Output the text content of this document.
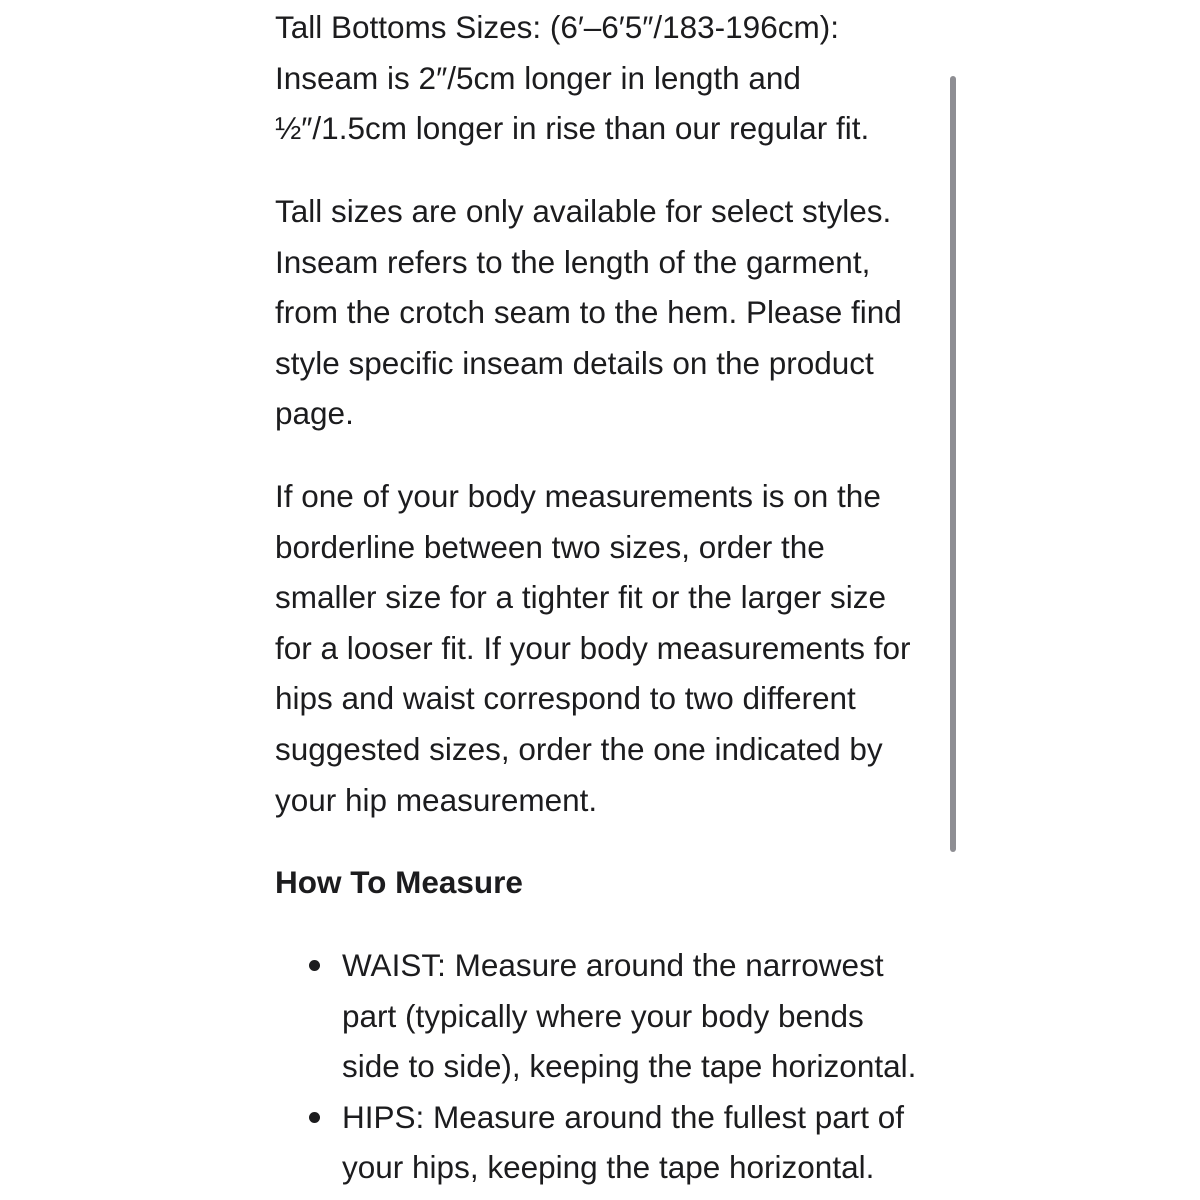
Tall Bottoms Sizes: (6′–6′5″/183-196cm):
Inseam is 2″/5cm longer in length and
½″/1.5cm longer in rise than our regular fit.

Tall sizes are only available for select styles.
Inseam refers to the length of the garment,
from the crotch seam to the hem. Please find
style specific inseam details on the product
page.

If one of your body measurements is on the
borderline between two sizes, order the
smaller size for a tighter fit or the larger size
for a looser fit. If your body measurements for
hips and waist correspond to two different
suggested sizes, order the one indicated by
your hip measurement.

How To Measure
WAIST: Measure around the narrowest
part (typically where your body bends
side to side), keeping the tape horizontal.
HIPS: Measure around the fullest part of
your hips, keeping the tape horizontal.
